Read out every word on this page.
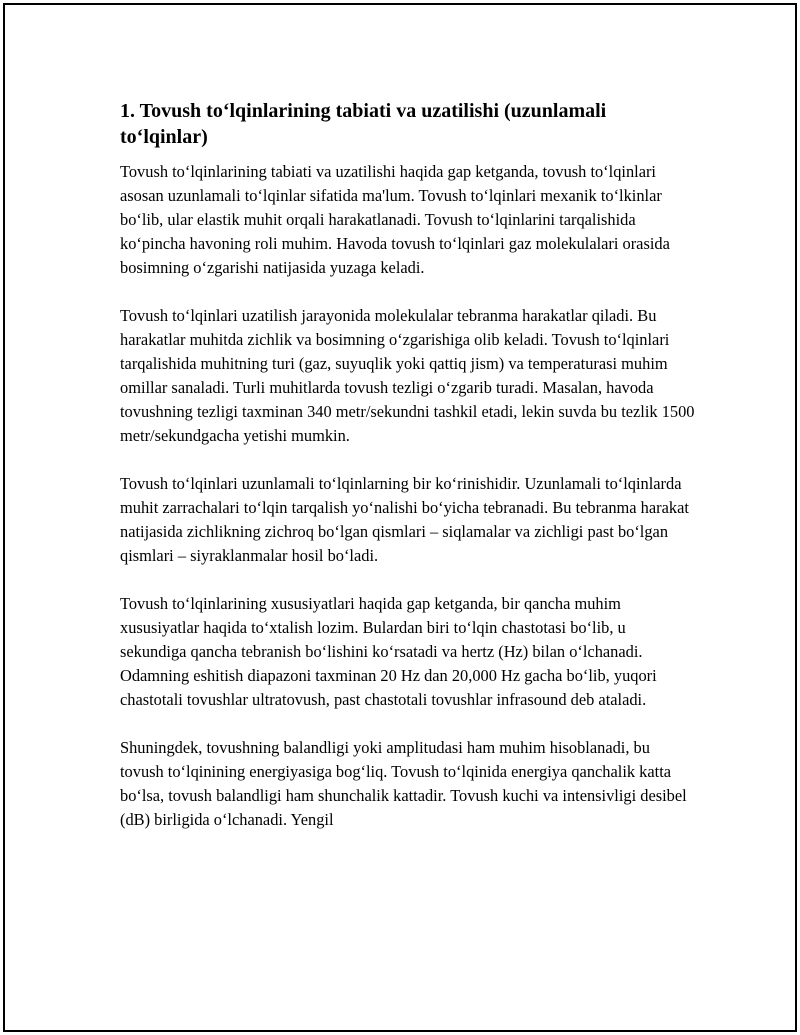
1. Tovush to‘lqinlarining tabiati va uzatilishi (uzunlamali to‘lqinlar)

Tovush to‘lqinlarining tabiati va uzatilishi haqida gap ketganda, tovush to‘lqinlari asosan uzunlamali to‘lqinlar sifatida ma'lum. Tovush to‘lqinlari mexanik to‘lkinlar bo‘lib, ular elastik muhit orqali harakatlanadi. Tovush to‘lqinlarini tarqalishida ko‘pincha havoning roli muhim. Havoda tovush to‘lqinlari gaz molekulalari orasida bosimning o‘zgarishi natijasida yuzaga keladi.

Tovush to‘lqinlari uzatilish jarayonida molekulalar tebranma harakatlar qiladi. Bu harakatlar muhitda zichlik va bosimning o‘zgarishiga olib keladi. Tovush to‘lqinlari tarqalishida muhitning turi (gaz, suyuqlik yoki qattiq jism) va temperaturasi muhim omillar sanaladi. Turli muhitlarda tovush tezligi o‘zgarib turadi. Masalan, havoda tovushning tezligi taxminan 340 metr/sekundni tashkil etadi, lekin suvda bu tezlik 1500 metr/sekundgacha yetishi mumkin.

Tovush to‘lqinlari uzunlamali to‘lqinlarning bir ko‘rinishidir. Uzunlamali to‘lqinlarda muhit zarrachalari to‘lqin tarqalish yo‘nalishi bo‘yicha tebranadi. Bu tebranma harakat natijasida zichlikning zichroq bo‘lgan qismlari – siqlamalar va zichligi past bo‘lgan qismlari – siyraklanmalar hosil bo‘ladi.

Tovush to‘lqinlarining xususiyatlari haqida gap ketganda, bir qancha muhim xususiyatlar haqida to‘xtalish lozim. Bulardan biri to‘lqin chastotasi bo‘lib, u sekundiga qancha tebranish bo‘lishini ko‘rsatadi va hertz (Hz) bilan o‘lchanadi. Odamning eshitish diapazoni taxminan 20 Hz dan 20,000 Hz gacha bo‘lib, yuqori chastotali tovushlar ultratovush, past chastotali tovushlar infrasound deb ataladi.

Shuningdek, tovushning balandligi yoki amplitudasi ham muhim hisoblanadi, bu tovush to‘lqinining energiyasiga bog‘liq. Tovush to‘lqinida energiya qanchalik katta bo‘lsa, tovush balandligi ham shunchalik kattadir. Tovush kuchi va intensivligi desibel (dB) birligida o‘lchanadi. Yengil
